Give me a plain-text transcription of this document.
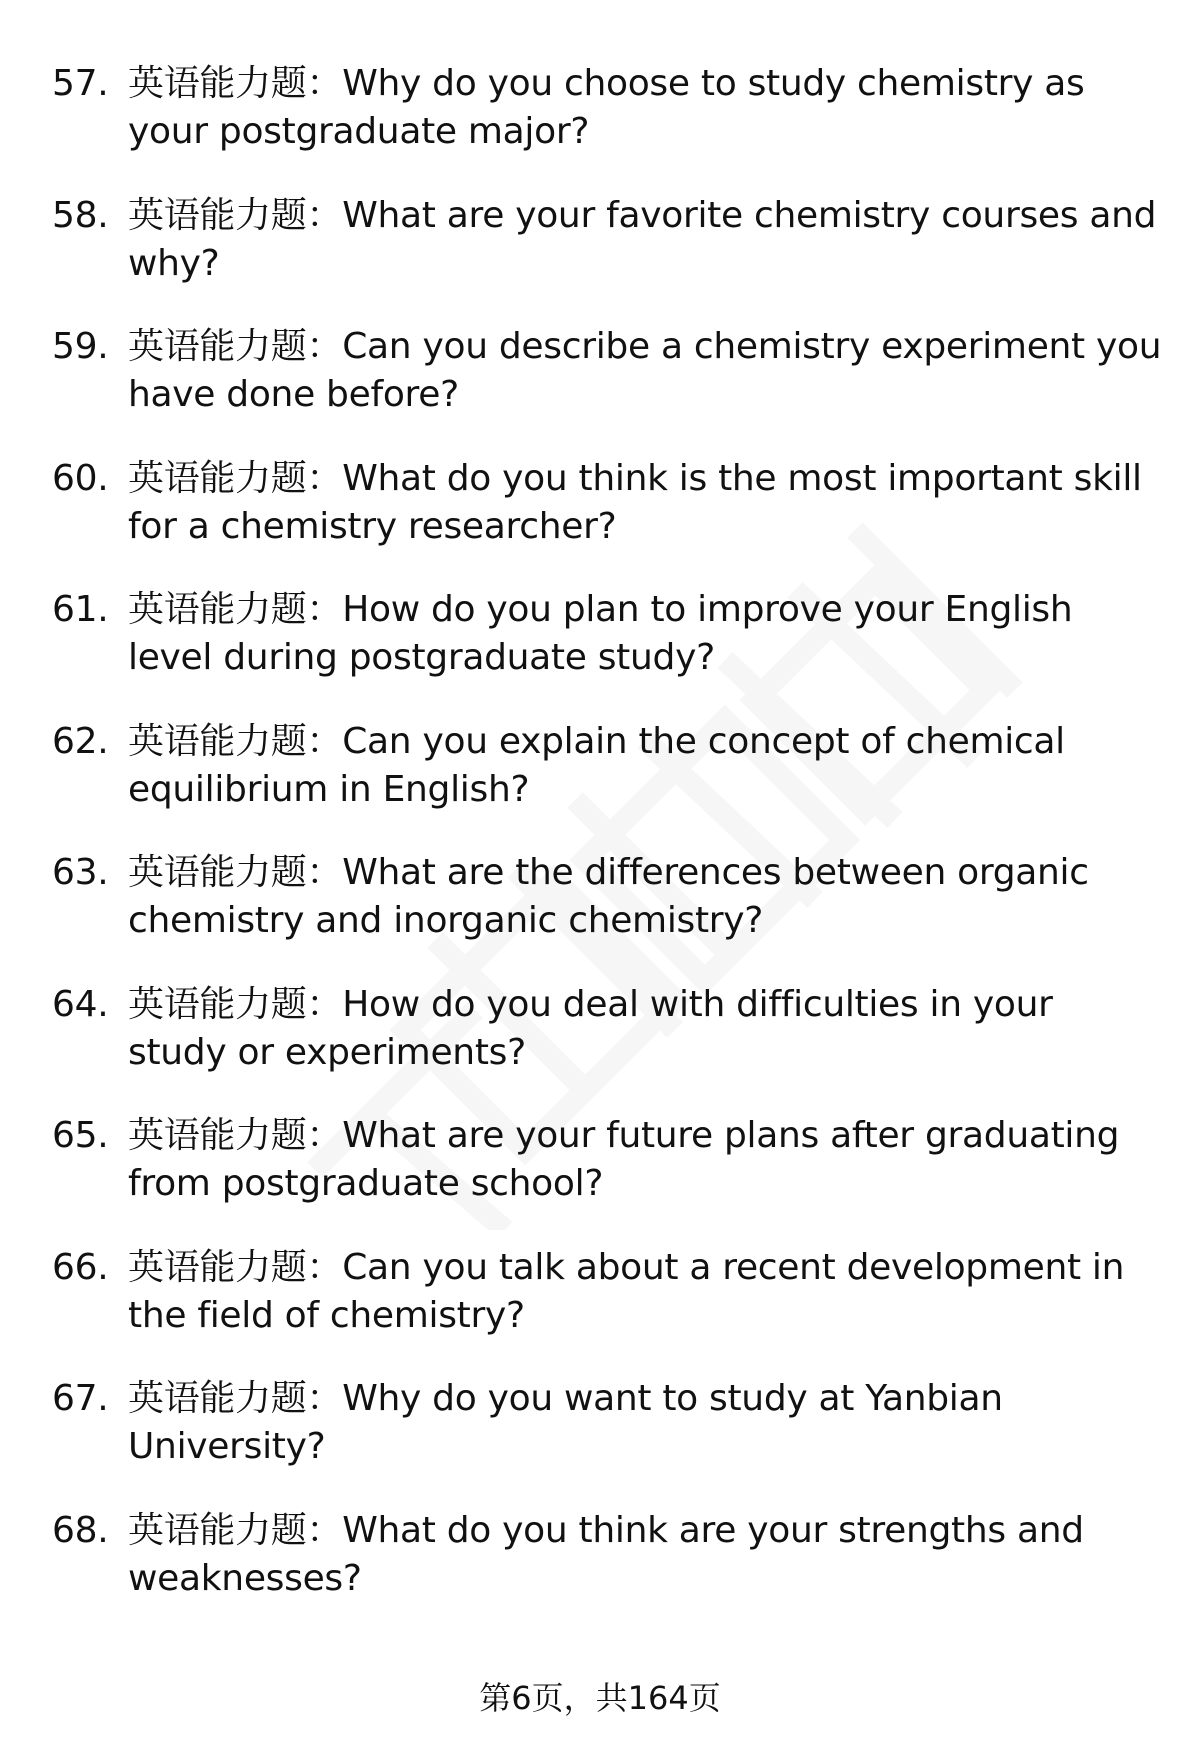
57. 英语能力题：Why do you choose to study chemistry as your postgraduate major?
58. 英语能力题：What are your favorite chemistry courses and why?
59. 英语能力题：Can you describe a chemistry experiment you have done before?
60. 英语能力题：What do you think is the most important skill for a chemistry researcher?
61. 英语能力题：How do you plan to improve your English level during postgraduate study?
62. 英语能力题：Can you explain the concept of chemical equilibrium in English?
63. 英语能力题：What are the differences between organic chemistry and inorganic chemistry?
64. 英语能力题：How do you deal with difficulties in your study or experiments?
65. 英语能力题：What are your future plans after graduating from postgraduate school?
66. 英语能力题：Can you talk about a recent development in the field of chemistry?
67. 英语能力题：Why do you want to study at Yanbian University?
68. 英语能力题：What do you think are your strengths and weaknesses?
第6页，共164页
